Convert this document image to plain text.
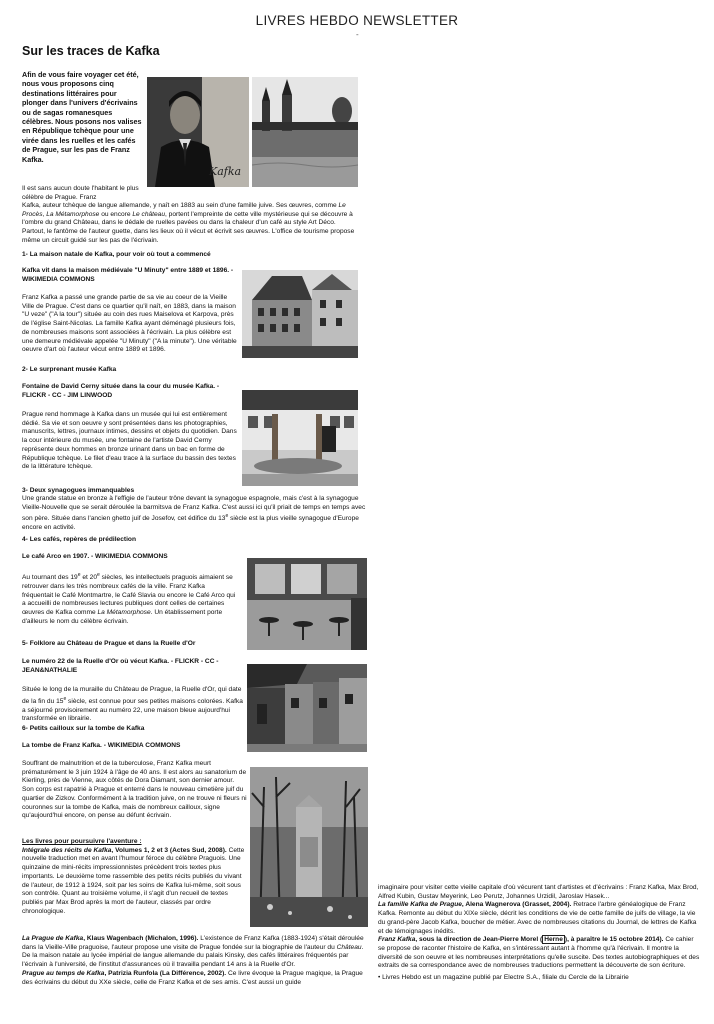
LIVRES HEBDO NEWSLETTER
-
Sur les traces de Kafka
Afin de vous faire voyager cet été, nous vous proposons cinq destinations littéraires pour plonger dans l'univers d'écrivains ou de sagas romanesques célèbres. Nous posons nos valises en République tchèque pour une virée dans les ruelles et les cafés de Prague, sur les pas de Franz Kafka.
Kafka
Il est sans aucun doute l'habitant le plus célèbre de Prague. Franz
Kafka, auteur tchèque de langue allemande, y naît en 1883 au sein d'une famille juive. Ses œuvres, comme Le Procès, La Métamorphose ou encore Le château, portent l'empreinte de cette ville mystérieuse qui se découvre à l'ombre du grand Château, dans le dédale de ruelles pavées ou dans la chaleur d'un café au style Art Déco. Partout, le fantôme de l'auteur guette, dans les lieux où il vécut et écrivit ses œuvres. L'office de tourisme propose même un circuit guidé sur les pas de l'écrivain.
1- La maison natale de Kafka, pour voir où tout a commencé
Kafka vit dans la maison médiévale "U Minuty" entre 1889 et 1896. - WIKIMEDIA COMMONS
Franz Kafka a passé une grande partie de sa vie au coeur de la Vieille Ville de Prague. C'est dans ce quartier qu'il naît, en 1883, dans la maison "U veze" ("A la tour") située au coin des rues Maiselova et Karpova, près de l'église Saint-Nicolas. La famille Kafka ayant déménagé plusieurs fois, de nombreuses maisons sont associées à l'écrivain. La plus célèbre est une demeure médiévale appelée "U Minuty" ("A la minute"). Une véritable oeuvre d'art où l'auteur vécut entre 1889 et 1896.
2- Le surprenant musée Kafka
Fontaine de David Cerny située dans la cour du musée Kafka. - FLICKR - CC - JIM LINWOOD
Prague rend hommage à Kafka dans un musée qui lui est entièrement dédié. Sa vie et son oeuvre y sont présentées dans les photographies, manuscrits, lettres, journaux intimes, dessins et objets du quotidien. Dans la cour intérieure du musée, une fontaine de l'artiste David Cerny représente deux hommes en bronze urinant dans un bac en forme de République tchèque. Le filet d'eau trace à la surface du bassin des textes de la littérature tchèque.
3- Deux synagogues immanquables
Une grande statue en bronze à l'effigie de l'auteur trône devant la synagogue espagnole, mais c'est à la synagogue Vieille-Nouvelle que se serait déroulée la barmitsva de Franz Kafka. C'est aussi ici qu'il priait de temps en temps avec son père. Située dans l'ancien ghetto juif de Josefov, cet édifice du 13e siècle est la plus vieille synagogue d'Europe encore en activité.
4- Les cafés, repères de prédilection
Le café Arco en 1907. - WIKIMEDIA COMMONS
Au tournant des 19e et 20e siècles, les intellectuels praguois aimaient se retrouver dans les très nombreux cafés de la ville. Franz Kafka fréquentait le Café Montmartre, le Café Slavia ou encore le Café Arco qui a accueilli de nombreuses lectures publiques dont celles de certaines œuvres de Kafka comme La Métamorphose. Un établissement porte d'ailleurs le nom du célèbre écrivain.
5- Folklore au Château de Prague et dans la Ruelle d'Or
Le numéro 22 de la Ruelle d'Or où vécut Kafka. - FLICKR - CC - JEAN&NATHALIE
Située le long de la muraille du Château de Prague, la Ruelle d'Or, qui date de la fin du 15e siècle, est connue pour ses petites maisons colorées. Kafka a séjourné provisoirement au numéro 22, une maison bleue aujourd'hui transformée en librairie.
6- Petits cailloux sur la tombe de Kafka
La tombe de Franz Kafka. - WIKIMEDIA COMMONS
Souffrant de malnutrition et de la tuberculose, Franz Kafka meurt prématurément le 3 juin 1924 à l'âge de 40 ans. Il est alors au sanatorium de Kierling, près de Vienne, aux côtés de Dora Diamant, son dernier amour. Son corps est rapatrié à Prague et enterré dans le nouveau cimetière juif du quartier de Zizkov. Conformément à la tradition juive, on ne trouve ni fleurs ni couronnes sur la tombe de Kafka, mais de nombreux cailloux, signe qu'aujourd'hui encore, on pense au défunt écrivain.
Les livres pour poursuivre l'aventure :
Intégrale des récits de Kafka, Volumes 1, 2 et 3 (Actes Sud, 2008). Cette nouvelle traduction met en avant l'humour féroce du célèbre Praguois. Une quinzaine de mini-récits impressionnistes précèdent trois textes plus importants. Le deuxième tome rassemble des petits récits publiés du vivant de l'auteur, de 1912 à 1924, soit par les soins de Kafka lui-même, soit sous son contrôle. Quant au troisième volume, il s'agit d'un recueil de textes publiés par Max Brod après la mort de l'auteur, classés par ordre chronologique.
La Prague de Kafka, Klaus Wagenbach (Michalon, 1996). L'existence de Franz Kafka (1883-1924) s'était déroulée dans la Vieille-Ville praguoise, l'auteur propose une visite de Prague fondée sur la biographie de l'auteur du Château. De la maison natale au lycée impérial de langue allemande du palais Kinsky, des cafés littéraires fréquentés par l'écrivain à l'université, de l'institut d'assurances où il travailla pendant 14 ans à la Ruelle d'Or.
Prague au temps de Kafka, Patrizia Runfola (La Différence, 2002). Ce livre évoque la Prague magique, la Prague des écrivains du début du XXe siècle, celle de Franz Kafka et de ses amis. C'est aussi un guide
imaginaire pour visiter cette vieille capitale d'où vécurent tant d'artistes et d'écrivains : Franz Kafka, Max Brod, Alfred Kubin, Gustav Meyerink, Leo Perutz, Johannes Urzidil, Jaroslav Hasek...
La famille Kafka de Prague, Alena Wagnerova (Grasset, 2004). Retrace l'arbre généalogique de Franz Kafka. Remonte au début du XIXe siècle, décrit les conditions de vie de cette famille de juifs de village, la vie du grand-père Jacob Kafka, boucher de métier. Avec de nombreuses citations du Journal, de lettres de Kafka et de témoignages inédits.
Franz Kafka, sous la direction de Jean-Pierre Morel ( Herne ), à paraître le 15 octobre 2014). Ce cahier se propose de raconter l'histoire de Kafka, en s'intéressant autant à l'homme qu'à l'écrivain. Il montre la diversité de son oeuvre et les nombreuses interprétations qu'elle suscite. Des textes autobiographiques et des extraits de sa correspondance avec de nombreuses traductions permettent la découverte de son écriture.
• Livres Hebdo est un magazine publié par Electre S.A., filiale du Cercle de la Librairie
